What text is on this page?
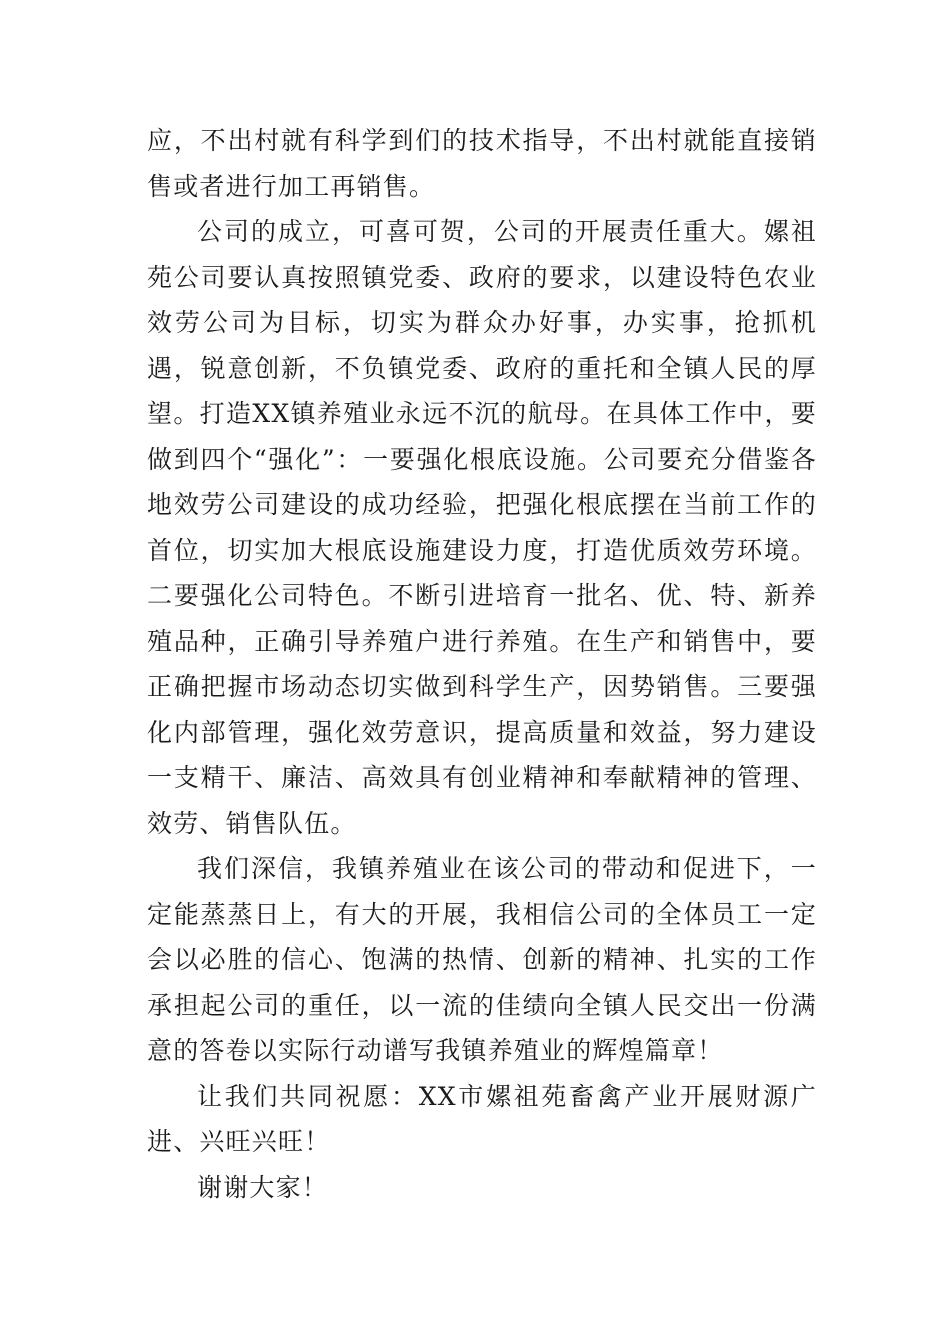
应，不出村就有科学到们的技术指导，不出村就能直接销售或者进行加工再销售。

公司的成立，可喜可贺，公司的开展责任重大。嫘祖苑公司要认真按照镇党委、政府的要求，以建设特色农业效劳公司为目标，切实为群众办好事，办实事，抢抓机遇，锐意创新，不负镇党委、政府的重托和全镇人民的厚望。打造XX镇养殖业永远不沉的航母。在具体工作中，要做到四个“强化”：一要强化根底设施。公司要充分借鉴各地效劳公司建设的成功经验，把强化根底摆在当前工作的首位，切实加大根底设施建设力度，打造优质效劳环境。二要强化公司特色。不断引进培育一批名、优、特、新养殖品种，正确引导养殖户进行养殖。在生产和销售中，要正确把握市场动态切实做到科学生产，因势销售。三要强化内部管理，强化效劳意识，提高质量和效益，努力建设一支精干、廉洁、高效具有创业精神和奉献精神的管理、效劳、销售队伍。

我们深信，我镇养殖业在该公司的带动和促进下，一定能蒸蒸日上，有大的开展，我相信公司的全体员工一定会以必胜的信心、饱满的热情、创新的精神、扎实的工作承担起公司的重任，以一流的佳绩向全镇人民交出一份满意的答卷以实际行动谱写我镇养殖业的辉煌篇章！

让我们共同祝愿：XX市嫘祖苑畜禽产业开展财源广进、兴旺兴旺！

谢谢大家！
